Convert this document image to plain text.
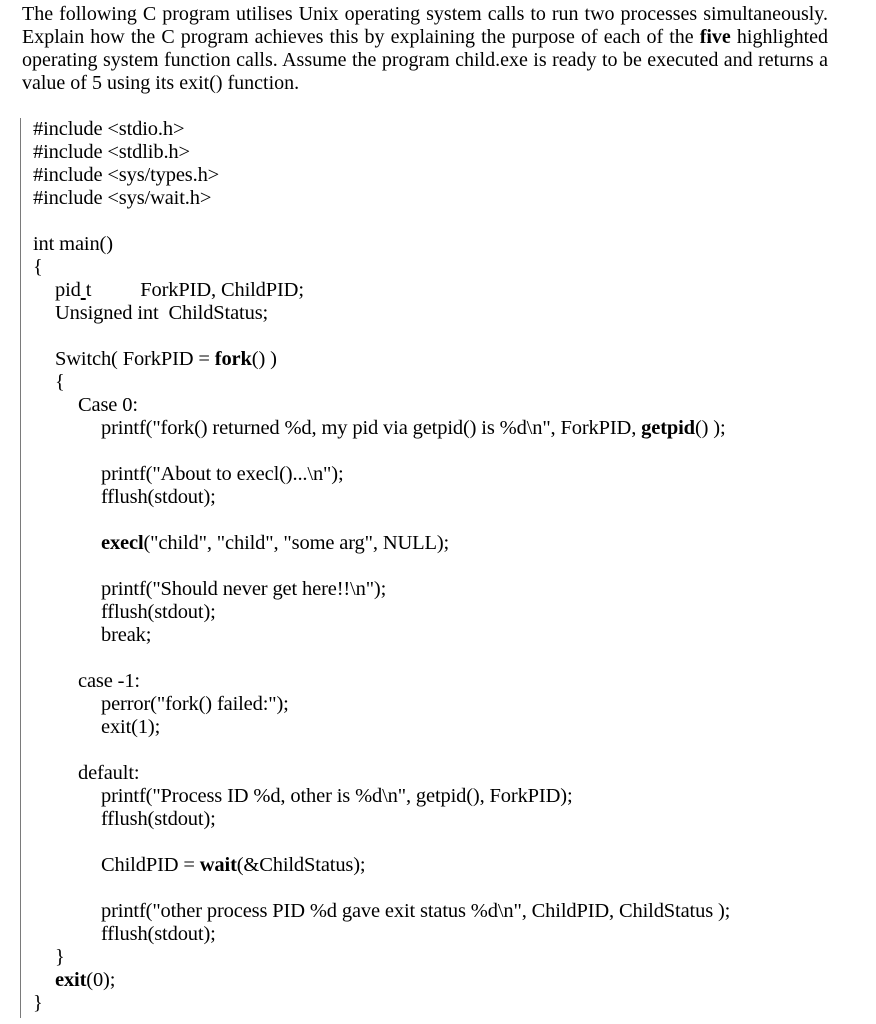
The following C program utilises Unix operating system calls to run two processes simultaneously. Explain how the C program achieves this by explaining the purpose of each of the five highlighted operating system function calls. Assume the program child.exe is ready to be executed and returns a value of 5 using its exit() function.
#include <stdio.h>
#include <stdlib.h>
#include <sys/types.h>
#include <sys/wait.h>
int main()
{
pid t ForkPID, ChildPID;
Unsigned int  ChildStatus;
Switch( ForkPID = fork() )
{
Case 0:
printf("fork() returned %d, my pid via getpid() is %d\n", ForkPID, getpid() );
printf("About to execl()...\n");
fflush(stdout);
execl("child", "child", "some arg", NULL);
printf("Should never get here!!\n");
fflush(stdout);
break;
case -1:
perror("fork() failed:");
exit(1);
default:
printf("Process ID %d, other is %d\n", getpid(), ForkPID);
fflush(stdout);
ChildPID = wait(&ChildStatus);
printf("other process PID %d gave exit status %d\n", ChildPID, ChildStatus );
fflush(stdout);
}
exit(0);
}
